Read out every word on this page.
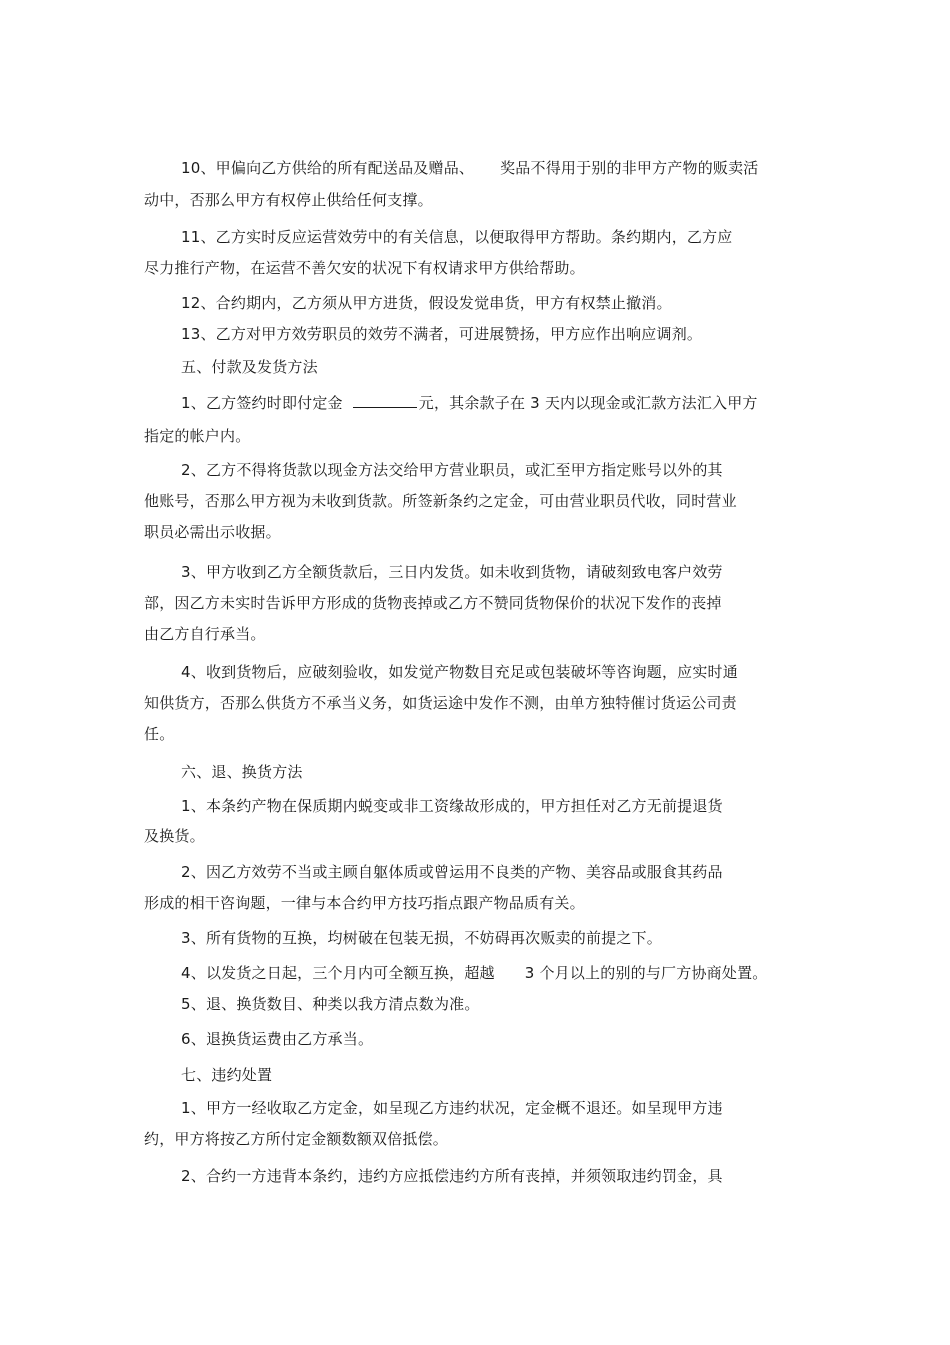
10、甲偏向乙方供给的所有配送品及赠品、 奖品不得用于别的非甲方产物的贩卖活
动中，否那么甲方有权停止供给任何支撑。
11、乙方实时反应运营效劳中的有关信息，以便取得甲方帮助。条约期内，乙方应
尽力推行产物，在运营不善欠安的状况下有权请求甲方供给帮助。
12、合约期内，乙方须从甲方进货，假设发觉串货，甲方有权禁止撤消。
13、乙方对甲方效劳职员的效劳不满者，可进展赞扬，甲方应作出响应调剂。
五、付款及发货方法
1、乙方签约时即付定金	元，其余款子在 3 天内以现金或汇款方法汇入甲方
指定的帐户内。
2、乙方不得将货款以现金方法交给甲方营业职员，或汇至甲方指定账号以外的其
他账号，否那么甲方视为未收到货款。所签新条约之定金，可由营业职员代收，同时营业
职员必需出示收据。
3、甲方收到乙方全额货款后，三日内发货。如未收到货物，请破刻致电客户效劳
部，因乙方未实时告诉甲方形成的货物丧掉或乙方不赞同货物保价的状况下发作的丧掉
由乙方自行承当。
4、收到货物后，应破刻验收，如发觉产物数目充足或包装破坏等咨询题，应实时通
知供货方，否那么供货方不承当义务，如货运途中发作不测，由单方独特催讨货运公司责
任。
六、退、换货方法
1、本条约产物在保质期内蜕变或非工资缘故形成的，甲方担任对乙方无前提退货
及换货。
2、因乙方效劳不当或主顾自躯体质或曾运用不良类的产物、美容品或服食其药品
形成的相干咨询题，一律与本合约甲方技巧指点跟产物品质有关。
3、所有货物的互换，均树破在包装无损，不妨碍再次贩卖的前提之下。
4、以发货之日起，三个月内可全额互换，超越 3 个月以上的别的与厂方协商处置。
5、退、换货数目、种类以我方清点数为准。
6、退换货运费由乙方承当。
七、违约处置
1、甲方一经收取乙方定金，如呈现乙方违约状况，定金概不退还。如呈现甲方违
约，甲方将按乙方所付定金额数额双倍抵偿。
2、合约一方违背本条约，违约方应抵偿违约方所有丧掉，并须领取违约罚金，具
